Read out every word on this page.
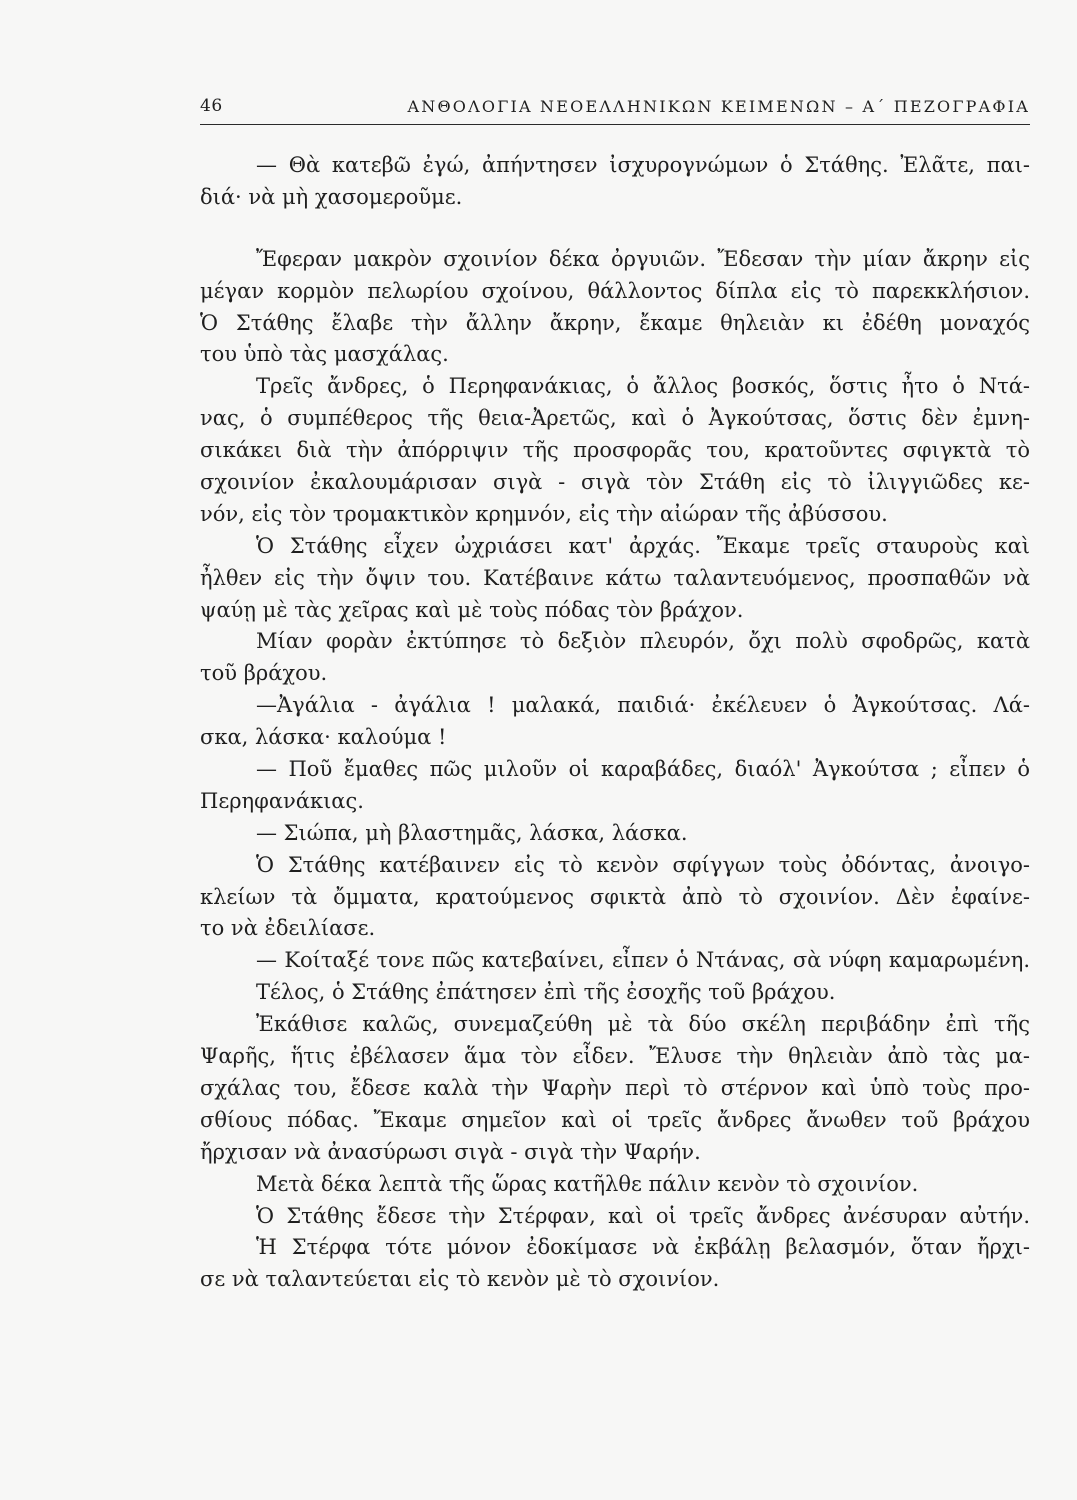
46	ΑΝΘΟΛΟΓΙΑ ΝΕΟΕΛΛΗΝΙΚΩΝ ΚΕΙΜΕΝΩΝ – Α΄ ΠΕΖΟΓΡΑΦΙΑ
— Θὰ κατεβῶ ἐγώ, ἀπήντησεν ἰσχυρογνώμων ὁ Στάθης. Ἐλᾶτε, παι-
διά· νὰ μὴ χασομεροῦμε.
Ἔφεραν μακρὸν σχοινίον δέκα ὀργυιῶν. Ἔδεσαν τὴν μίαν ἄκρην εἰς
μέγαν κορμὸν πελωρίου σχοίνου, θάλλοντος δίπλα εἰς τὸ παρεκκλήσιον.
Ὁ Στάθης ἔλαβε τὴν ἄλλην ἄκρην, ἔκαμε θηλειὰν κι ἐδέθη μοναχός
του ὑπὸ τὰς μασχάλας.
Τρεῖς ἄνδρες, ὁ Περηφανάκιας, ὁ ἄλλος βοσκός, ὅστις ἦτο ὁ Ντά-
νας, ὁ συμπέθερος τῆς θεια-Ἀρετῶς, καὶ ὁ Ἀγκούτσας, ὅστις δὲν ἐμνη-
σικάκει διὰ τὴν ἀπόρριψιν τῆς προσφορᾶς του, κρατοῦντες σφιγκτὰ τὸ
σχοινίον ἐκαλουμάρισαν σιγὰ - σιγὰ τὸν Στάθη εἰς τὸ ἰλιγγιῶδες κε-
νόν, εἰς τὸν τρομακτικὸν κρημνόν, εἰς τὴν αἰώραν τῆς ἀβύσσου.
Ὁ Στάθης εἶχεν ὠχριάσει κατ' ἀρχάς. Ἔκαμε τρεῖς σταυροὺς καὶ
ἦλθεν εἰς τὴν ὄψιν του. Κατέβαινε κάτω ταλαντευόμενος, προσπαθῶν νὰ
ψαύῃ μὲ τὰς χεῖρας καὶ μὲ τοὺς πόδας τὸν βράχον.
Μίαν φορὰν ἐκτύπησε τὸ δεξιὸν πλευρόν, ὄχι πολὺ σφοδρῶς, κατὰ
τοῦ βράχου.
—Ἀγάλια - ἀγάλια ! μαλακά, παιδιά· ἐκέλευεν ὁ Ἀγκούτσας. Λά-
σκα, λάσκα· καλούμα !
— Ποῦ ἔμαθες πῶς μιλοῦν οἱ καραβάδες, διαόλ' Ἀγκούτσα ; εἶπεν ὁ
Περηφανάκιας.
— Σιώπα, μὴ βλαστημᾶς, λάσκα, λάσκα.
Ὁ Στάθης κατέβαινεν εἰς τὸ κενὸν σφίγγων τοὺς ὀδόντας, ἀνοιγο-
κλείων τὰ ὄμματα, κρατούμενος σφικτὰ ἀπὸ τὸ σχοινίον. Δὲν ἐφαίνε-
το νὰ ἐδειλίασε.
— Κοίταξέ τονε πῶς κατεβαίνει, εἶπεν ὁ Ντάνας, σὰ νύφη καμαρωμένη.
Τέλος, ὁ Στάθης ἐπάτησεν ἐπὶ τῆς ἐσοχῆς τοῦ βράχου.
Ἐκάθισε καλῶς, συνεμαζεύθη μὲ τὰ δύο σκέλη περιβάδην ἐπὶ τῆς
Ψαρῆς, ἥτις ἐβέλασεν ἅμα τὸν εἶδεν. Ἔλυσε τὴν θηλειὰν ἀπὸ τὰς μα-
σχάλας του, ἔδεσε καλὰ τὴν Ψαρὴν περὶ τὸ στέρνον καὶ ὑπὸ τοὺς προ-
σθίους πόδας. Ἔκαμε σημεῖον καὶ οἱ τρεῖς ἄνδρες ἄνωθεν τοῦ βράχου
ἤρχισαν νὰ ἀνασύρωσι σιγὰ - σιγὰ τὴν Ψαρήν.
Μετὰ δέκα λεπτὰ τῆς ὥρας κατῆλθε πάλιν κενὸν τὸ σχοινίον.
Ὁ Στάθης ἔδεσε τὴν Στέρφαν, καὶ οἱ τρεῖς ἄνδρες ἀνέσυραν αὐτήν.
Ἡ Στέρφα τότε μόνον ἐδοκίμασε νὰ ἐκβάλῃ βελασμόν, ὅταν ἤρχι-
σε νὰ ταλαντεύεται εἰς τὸ κενὸν μὲ τὸ σχοινίον.
